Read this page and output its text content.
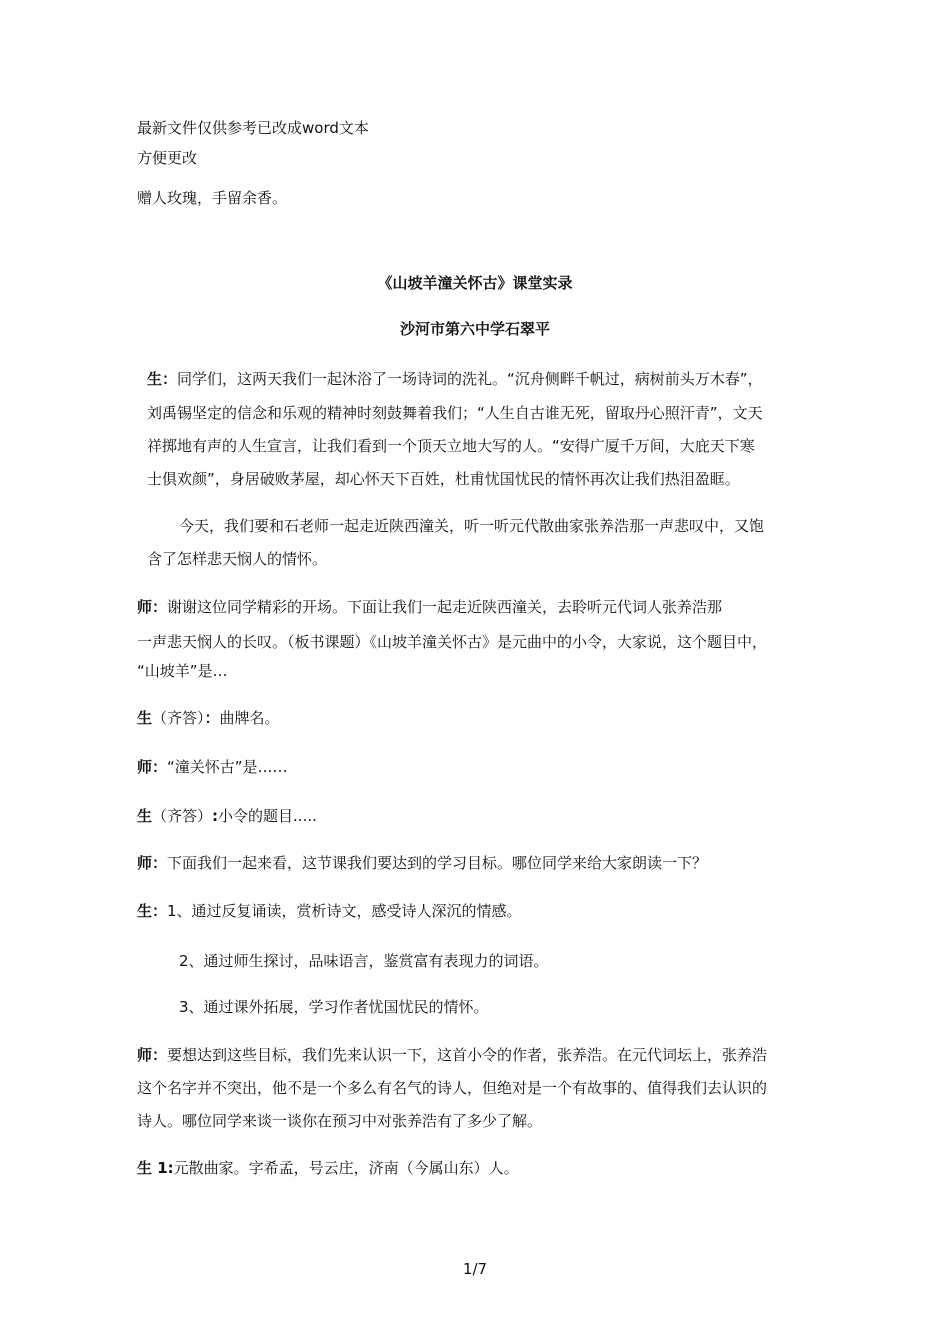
最新文件仅供参考已改成word文本
方便更改
赠人玫瑰，手留余香。
《山坡羊潼关怀古》课堂实录
沙河市第六中学石翠平
生：同学们，这两天我们一起沐浴了一场诗词的洗礼。“沉舟侧畔千帆过，病树前头万木春”，
刘禹锡坚定的信念和乐观的精神时刻鼓舞着我们；“人生自古谁无死，留取丹心照汗青”，文天
祥掷地有声的人生宣言，让我们看到一个顶天立地大写的人。“安得广厦千万间，大庇天下寒
士俱欢颜”，身居破败茅屋，却心怀天下百姓，杜甫忧国忧民的情怀再次让我们热泪盈眶。
今天，我们要和石老师一起走近陕西潼关，听一听元代散曲家张养浩那一声悲叹中，又饱
含了怎样悲天悯人的情怀。
师：谢谢这位同学精彩的开场。下面让我们一起走近陕西潼关，去聆听元代词人张养浩那
一声悲天悯人的长叹。（板书课题）《山坡羊潼关怀古》是元曲中的小令，大家说，这个题目中，
“山坡羊”是…
生（齐答）：曲牌名。
师：“潼关怀古”是……
生（齐答）:小令的题目.....
师：下面我们一起来看，这节课我们要达到的学习目标。哪位同学来给大家朗读一下？
生：1、通过反复诵读，赏析诗文，感受诗人深沉的情感。
2、通过师生探讨，品味语言，鉴赏富有表现力的词语。
3、通过课外拓展，学习作者忧国忧民的情怀。
师：要想达到这些目标，我们先来认识一下，这首小令的作者，张养浩。在元代词坛上，张养浩
这个名字并不突出，他不是一个多么有名气的诗人，但绝对是一个有故事的、值得我们去认识的
诗人。哪位同学来谈一谈你在预习中对张养浩有了多少了解。
生 1:元散曲家。字希孟，号云庄，济南（今属山东）人。
1/7
